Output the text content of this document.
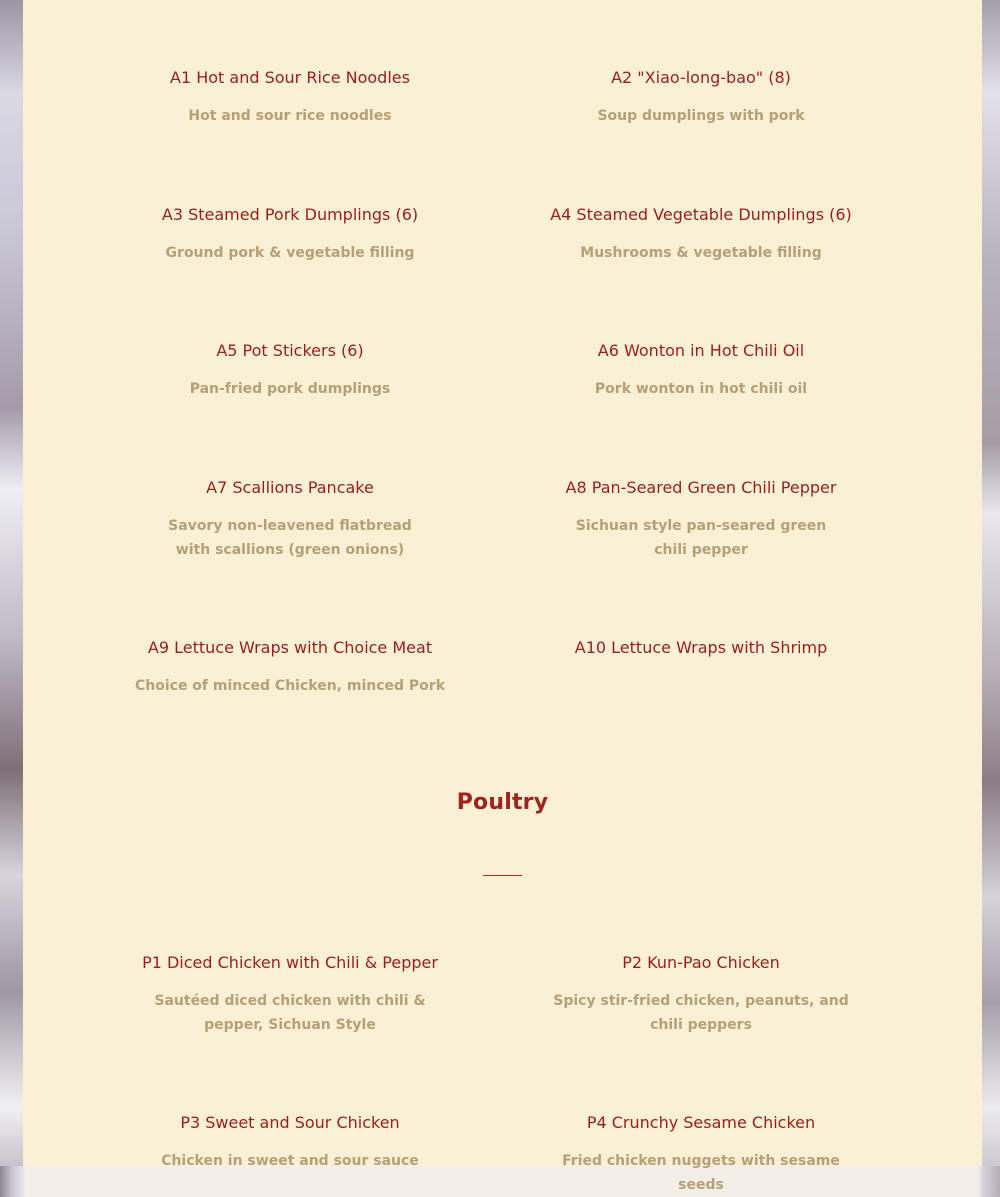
A1 Hot and Sour Rice Noodles

Hot and sour rice noodles

A2 "Xiao-long-bao" (8)

Soup dumplings with pork

A3 Steamed Pork Dumplings (6)

Ground pork & vegetable filling

A4 Steamed Vegetable Dumplings (6)

Mushrooms & vegetable filling

A5 Pot Stickers (6)

Pan-fried pork dumplings

A6 Wonton in Hot Chili Oil

Pork wonton in hot chili oil

A7 Scallions Pancake

Savory non-leavened flatbread with scallions (green onions)

A8 Pan-Seared Green Chili Pepper

Sichuan style pan-seared green chili pepper

A9 Lettuce Wraps with Choice Meat

Choice of minced Chicken, minced Pork

A10 Lettuce Wraps with Shrimp

Poultry

P1 Diced Chicken with Chili & Pepper

Sautéed diced chicken with chili & pepper, Sichuan Style

P2 Kun-Pao Chicken

Spicy stir-fried chicken, peanuts, and chili peppers

P3 Sweet and Sour Chicken

Chicken in sweet and sour sauce

P4 Crunchy Sesame Chicken

Fried chicken nuggets with sesame seeds
